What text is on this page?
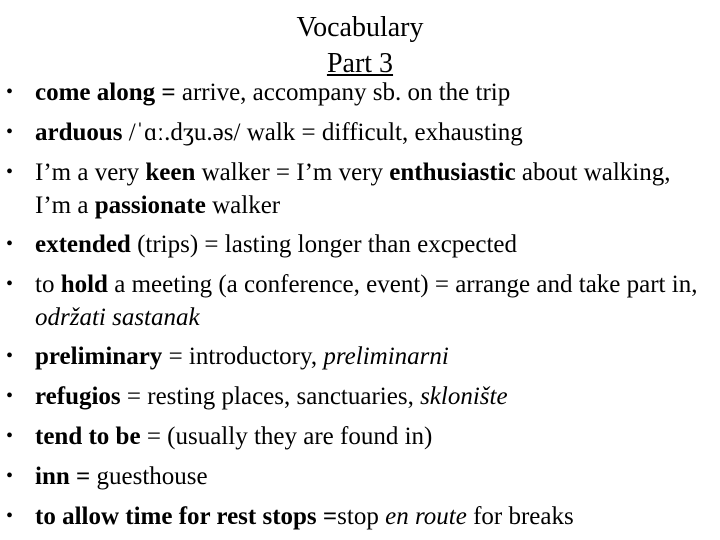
Vocabulary
Part 3
• come along = arrive, accompany sb. on the trip
• arduous /ˈɑː.dʒu.əs/ walk = difficult, exhausting
• I’m a very keen walker = I’m very enthusiastic about walking, I’m a passionate walker
• extended (trips) = lasting longer than excpected
• to hold a meeting (a conference, event) = arrange and take part in, održati sastanak
• preliminary = introductory, preliminarni
• refugios = resting places, sanctuaries, sklonište
• tend to be = (usually they are found in)
• inn = guesthouse
• to allow time for rest stops =stop en route for breaks
